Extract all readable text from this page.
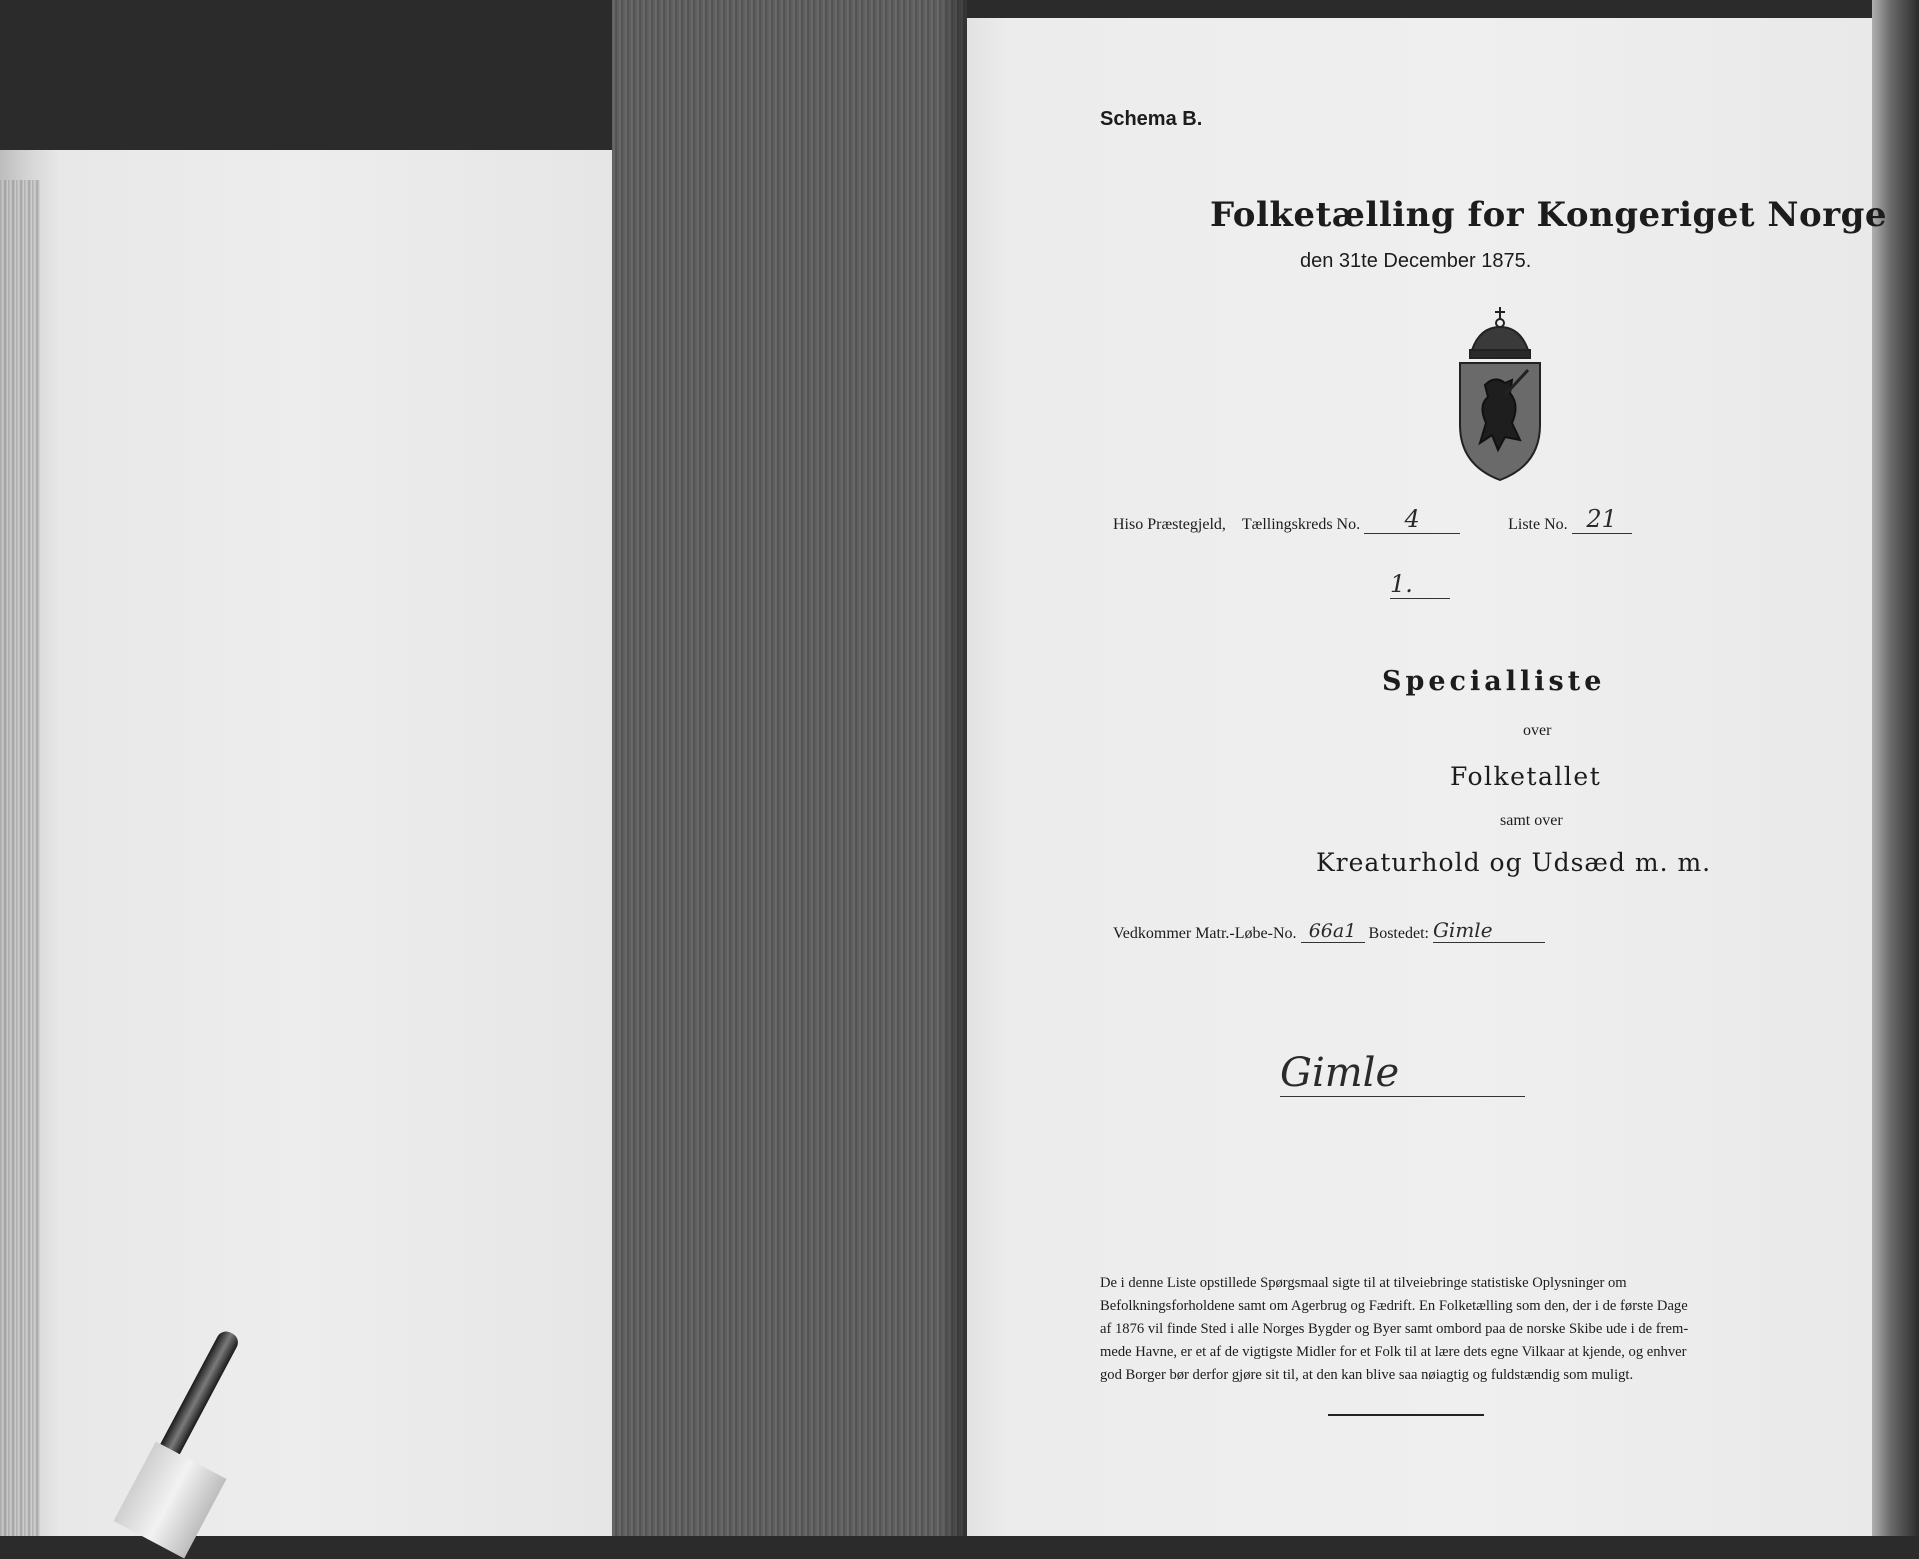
Schema B.
Folketælling for Kongeriget Norge
den 31te December 1875.
Hiso Præstegjeld, Tællingskreds No. 4	Liste No. 21
1.
Specialliste
over
Folketallet
samt over
Kreaturhold og Udsæd m. m.
Vedkommer Matr.-Løbe-No. 66a1 Bostedet: Gimle
Gimle
De i denne Liste opstillede Spørgsmaal sigte til at tilveiebringe statistiske Oplysninger om
Befolkningsforholdene samt om Agerbrug og Fædrift. En Folketælling som den, der i de første Dage
af 1876 vil finde Sted i alle Norges Bygder og Byer samt ombord paa de norske Skibe ude i de frem-
mede Havne, er et af de vigtigste Midler for et Folk til at lære dets egne Vilkaar at kjende, og enhver
god Borger bør derfor gjøre sit til, at den kan blive saa nøiagtig og fuldstændig som muligt.
